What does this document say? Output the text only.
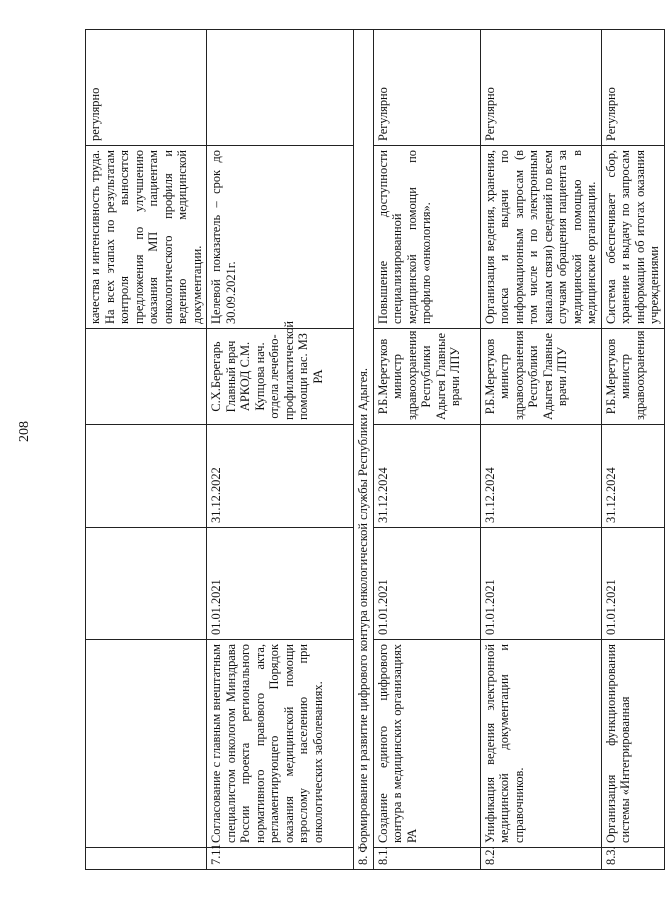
208
					качества и интенсивность труда. На всех этапах по результатам контроля выносятся предложения по улучшению оказания МП пациентам онкологического профиля и ведению медицинской документации.	регулярно
7.11	Согласование с главным внештатным специалистом онкологом Минздрава России проекта регионального нормативного правового акта, регламентирующего Порядок оказания медицинской помощи взрослому населению при онкологических заболеваниях.	01.01.2021	31.12.2022	С.Х.Берегарь Главный врач АРКОД С.М. Купцова нач. отдела лечебно-профилактической помощи нас. МЗ РА	Целевой показатель – срок до 30.09.2021г.	
8. Формирование и развитие цифрового контура онкологической службы Республики Адыгея.						
8.1.	Создание единого цифрового контура в медицинских организациях РА	01.01.2021	31.12.2024	Р.Б.Меретуков министр здравоохранения Республики Адыгея Главные врачи ЛПУ	Повышение доступности специализированной медицинской помощи по профилю «онкология».	Регулярно
8.2.	Унификация ведения электронной медицинской документации и справочников.	01.01.2021	31.12.2024	Р.Б.Меретуков министр здравоохранения Республики Адыгея Главные врачи ЛПУ	Организация ведения, хранения, поиска и выдачи по информационным запросам (в том числе и по электронным каналам связи) сведений по всем случаям обращения пациента за медицинской помощью в медицинские организации.	Регулярно
8.3.	Организация функционирования системы «Интегрированная	01.01.2021	31.12.2024	Р.Б.Меретуков министр здравоохранения	Система обеспечивает сбор, хранение и выдачу по запросам информации об итогах оказания учреждениями	Регулярно
